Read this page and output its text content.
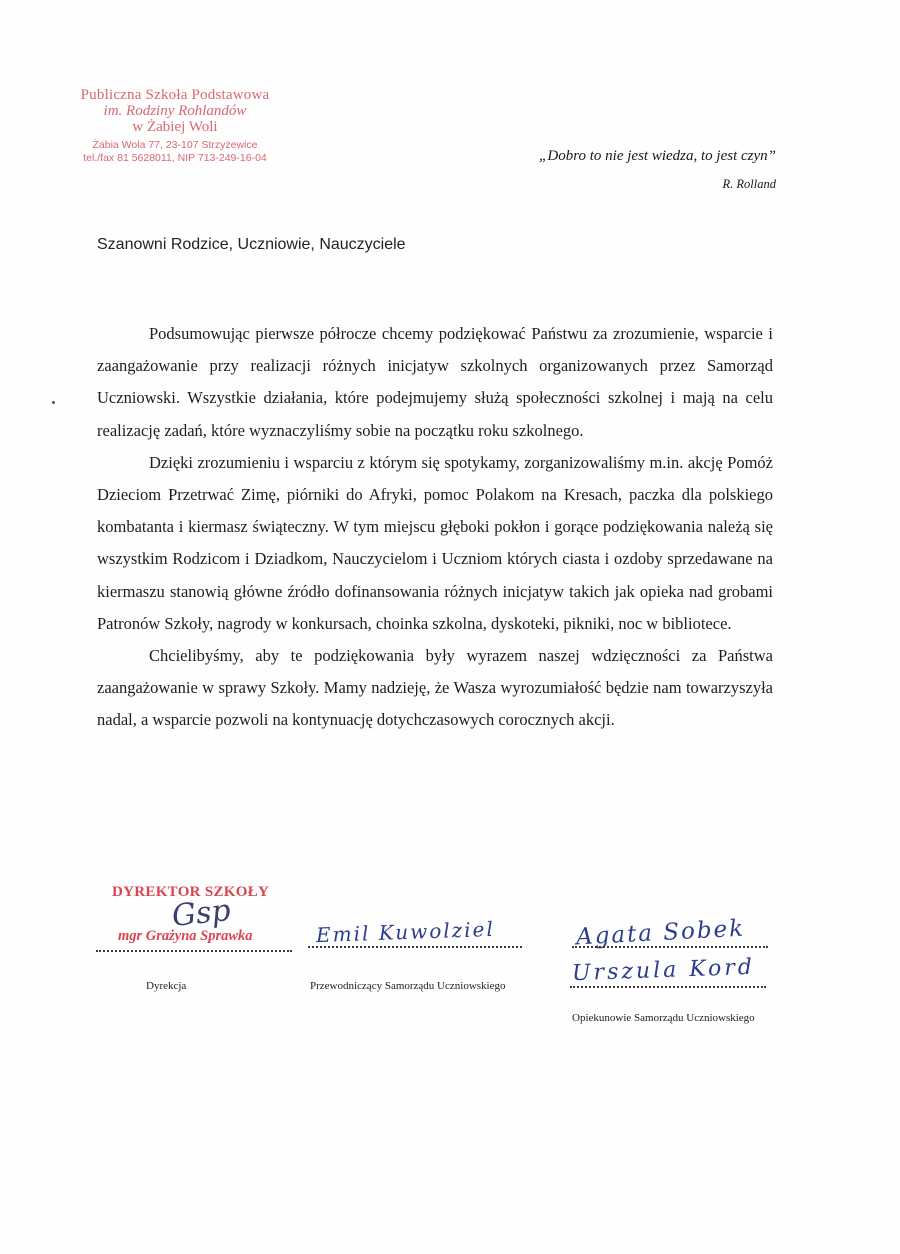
Publiczna Szkoła Podstawowa
im. Rodziny Rohlandów
w Żabiej Woli
Żabia Wola 77, 23-107 Strzyżewice
tel./fax 81 5628011, NIP 713-249-16-04	„Dobro to nie jest wiedza, to jest czyn”
R. Rolland
Szanowni Rodzice, Uczniowie, Nauczyciele

Podsumowując pierwsze półrocze chcemy podziękować Państwu za zrozumienie, wsparcie i zaangażowanie przy realizacji różnych inicjatyw szkolnych organizowanych przez Samorząd Uczniowski. Wszystkie działania, które podejmujemy służą społeczności szkolnej i mają na celu realizację zadań, które wyznaczyliśmy sobie na początku roku szkolnego.

Dzięki zrozumieniu i wsparciu z którym się spotykamy, zorganizowaliśmy m.in. akcję Pomóż Dzieciom Przetrwać Zimę, piórniki do Afryki, pomoc Polakom na Kresach, paczka dla polskiego kombatanta i kiermasz świąteczny. W tym miejscu głęboki pokłon i gorące podziękowania należą się wszystkim Rodzicom i Dziadkom, Nauczycielom i Uczniom których ciasta i ozdoby sprzedawane na kiermaszu stanowią główne źródło dofinansowania różnych inicjatyw takich jak opieka nad grobami Patronów Szkoły, nagrody w konkursach, choinka szkolna, dyskoteki, pikniki, noc w bibliotece.

Chcielibyśmy, aby te podziękowania były wyrazem naszej wdzięczności za Państwa zaangażowanie w sprawy Szkoły. Mamy nadzieję, że Wasza wyrozumiałość będzie nam towarzyszyła nadal, a wsparcie pozwoli na kontynuację dotychczasowych corocznych akcji.

DYREKTOR SZKOŁY
mgr Grażyna Sprawka
Gsp
Dyrekcja
Emil Kuwolziel
Przewodniczący Samorządu Uczniowskiego
Agata Sobek
Urszula Kord
Opiekunowie Samorządu Uczniowskiego
